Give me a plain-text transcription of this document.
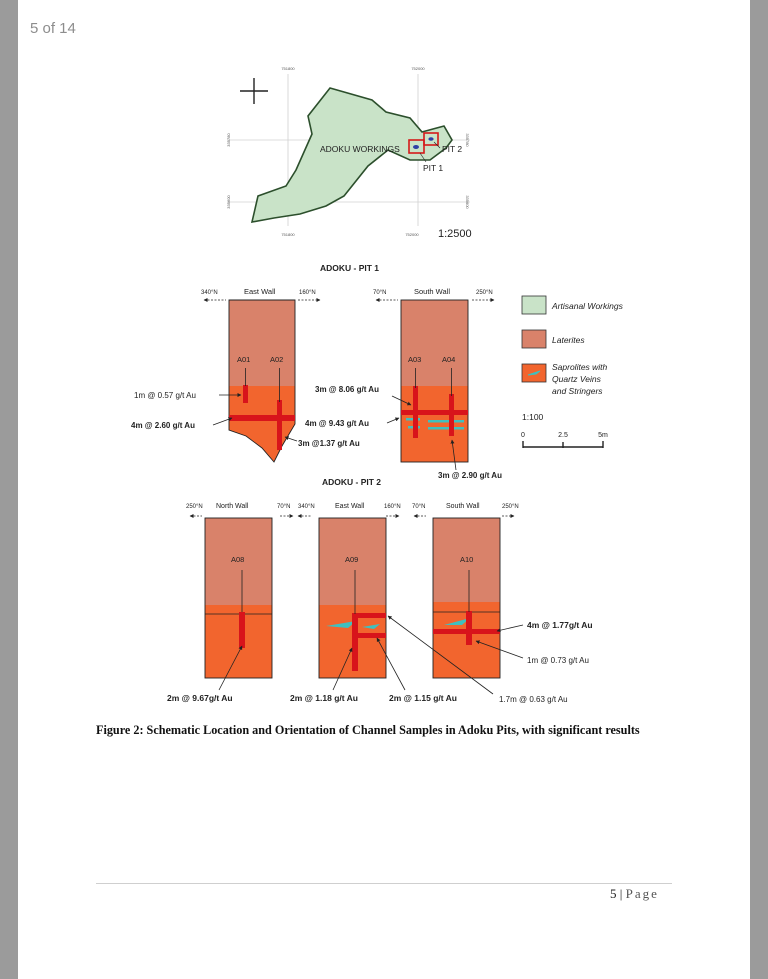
5 of 14
751800	752000
751800	752000
335780
335600
335780
335600
ADOKU WORKINGS	PIT 2
PIT 1
1:2500
ADOKU - PIT 1
340°N	East Wall	160°N
A01	A02
70°N	South Wall	250°N
A03	A04
1m @ 0.57 g/t Au
4m @ 2.60 g/t Au
3m @ 8.06 g/t Au
4m @ 9.43 g/t Au
3m @1.37 g/t Au
3m @ 2.90 g/t Au
Artisanal Workings
Laterites
Saprolites with
Quartz Veins
and Stringers
1:100
0	2.5	5m
ADOKU - PIT 2
250°N North Wall	70°N 340°N	East Wall	160°N 70°N	South Wall	250°N
A08	A09	A10
4m @ 1.77g/t Au
1m @ 0.73 g/t Au
2m @ 9.67g/t Au	2m @ 1.18 g/t Au	2m @ 1.15 g/t Au	1.7m @ 0.63 g/t Au
Figure 2: Schematic Location and Orientation of Channel Samples in Adoku Pits, with significant results
5 | Page
